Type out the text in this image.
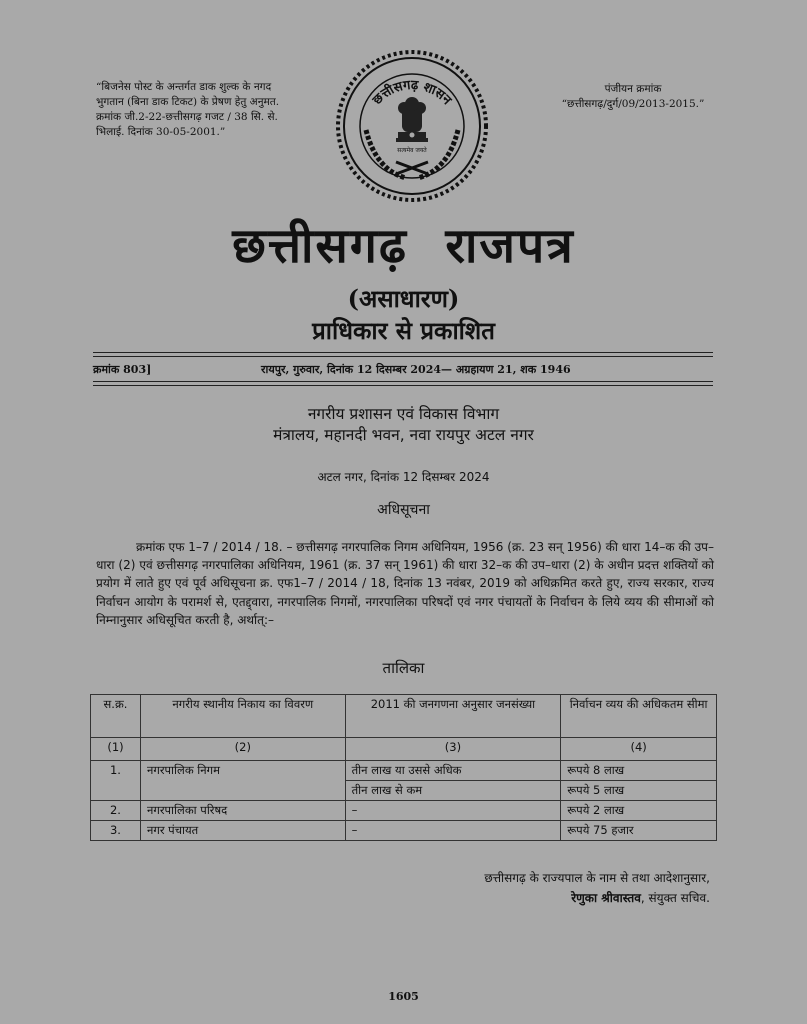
“बिजनेस पोस्ट के अन्तर्गत डाक शुल्क के नगद भुगतान (बिना डाक टिकट) के प्रेषण हेतु अनुमत. क्रमांक जी.2-22-छत्तीसगढ़ गजट / 38 सि. से. भिलाई. दिनांक 30-05-2001.”
पंजीयन क्रमांक
“छत्तीसगढ़/दुर्ग/09/2013-2015.”
छत्तीसगढ़ शासन
सत्यमेव जयते
छत्तीसगढ़  राजपत्र
(असाधारण)
प्राधिकार से प्रकाशित
क्रमांक 803]	रायपुर, गुरुवार, दिनांक 12 दिसम्बर 2024— अग्रहायण 21, शक 1946
नगरीय प्रशासन एवं विकास विभाग
मंत्रालय, महानदी भवन, नवा रायपुर अटल नगर
अटल नगर, दिनांक 12 दिसम्बर 2024
अधिसूचना
क्रमांक एफ 1–7 / 2014 / 18. – छत्तीसगढ़ नगरपालिक निगम अधिनियम, 1956 (क्र. 23 सन् 1956) की धारा 14–क की उप–धारा (2) एवं छत्तीसगढ़ नगरपालिका अधिनियम, 1961 (क्र. 37 सन् 1961) की धारा 32–क की उप–धारा (2) के अधीन प्रदत्त शक्तियों को प्रयोग में लाते हुए एवं पूर्व अधिसूचना क्र. एफ1–7 / 2014 / 18, दिनांक 13 नवंबर, 2019 को अधिक्रमित करते हुए, राज्य सरकार, राज्य निर्वाचन आयोग के परामर्श से, एतद्द्वारा, नगरपालिक निगमों, नगरपालिका परिषदों एवं नगर पंचायतों के निर्वाचन के लिये व्यय की सीमाओं को निम्नानुसार अधिसूचित करती है, अर्थात्:–
तालिका
स.क्र.	नगरीय स्थानीय निकाय का विवरण	2011 की जनगणना अनुसार जनसंख्या	निर्वाचन व्यय की अधिकतम सीमा
(1)	(2)	(3)	(4)
1.	नगरपालिक निगम	तीन लाख या उससे अधिक	रूपये 8 लाख
		तीन लाख से कम	रूपये 5 लाख
2.	नगरपालिका परिषद	–	रूपये 2 लाख
3.	नगर पंचायत	–	रूपये 75 हजार
छत्तीसगढ़ के राज्यपाल के नाम से तथा आदेशानुसार,
रेणुका श्रीवास्तव, संयुक्त सचिव.
1605
